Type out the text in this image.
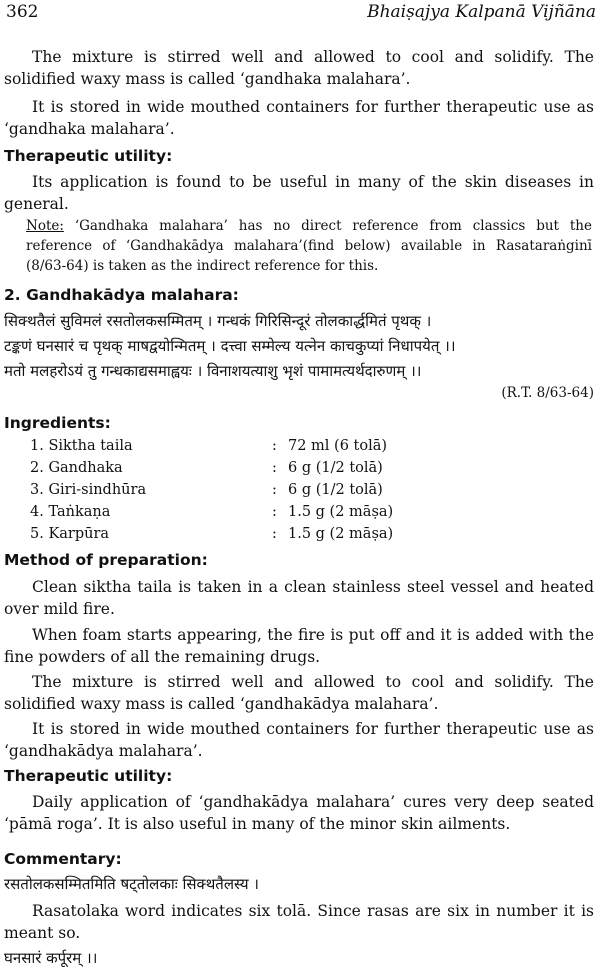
362	Bhaiṣajya Kalpanā Vijñāna
The mixture is stirred well and allowed to cool and solidify. The solidified waxy mass is called ‘gandhaka malahara’.
It is stored in wide mouthed containers for further therapeutic use as ‘gandhaka malahara’.
Therapeutic utility:
Its application is found to be useful in many of the skin diseases in general.
Note: ‘Gandhaka malahara’ has no direct reference from classics but the reference of ‘Gandhakādya malahara’(find below) available in Rasataraṅginī (8/63-64) is taken as the indirect reference for this.
2. Gandhakādya malahara:
सिक्थतैलं सुविमलं रसतोलकसम्मितम् । गन्धकं गिरिसिन्दूरं तोलकार्द्धमितं पृथक् ।
टङ्कणं घनसारं च पृथक् माषद्वयोन्मितम् । दत्त्वा सम्मेल्य यत्नेन काचकुप्यां निधापयेत् ।।
मतो मलहरोऽयं तु गन्धकाद्यसमाह्वयः । विनाशयत्याशु भृशं पामामत्यर्थदारुणम् ।।
(R.T. 8/63-64)
Ingredients:
1. Siktha taila	: 72 ml (6 tolā)
2. Gandhaka	: 6 g (1/2 tolā)
3. Giri-sindhūra	: 6 g (1/2 tolā)
4. Taṅkaṇa	: 1.5 g (2 māṣa)
5. Karpūra	: 1.5 g (2 māṣa)
Method of preparation:
Clean siktha taila is taken in a clean stainless steel vessel and heated over mild fire.
When foam starts appearing, the fire is put off and it is added with the fine powders of all the remaining drugs.
The mixture is stirred well and allowed to cool and solidify. The solidified waxy mass is called ‘gandhakādya malahara’.
It is stored in wide mouthed containers for further therapeutic use as ‘gandhakādya malahara’.
Therapeutic utility:
Daily application of ‘gandhakādya malahara’ cures very deep seated ‘pāmā roga’. It is also useful in many of the minor skin ailments.
Commentary:
रसतोलकसम्मितमिति षट्तोलकाः सिक्थतैलस्य ।
Rasatolaka word indicates six tolā. Since rasas are six in number it is meant so.
घनसारं कर्पूरम् ।।
